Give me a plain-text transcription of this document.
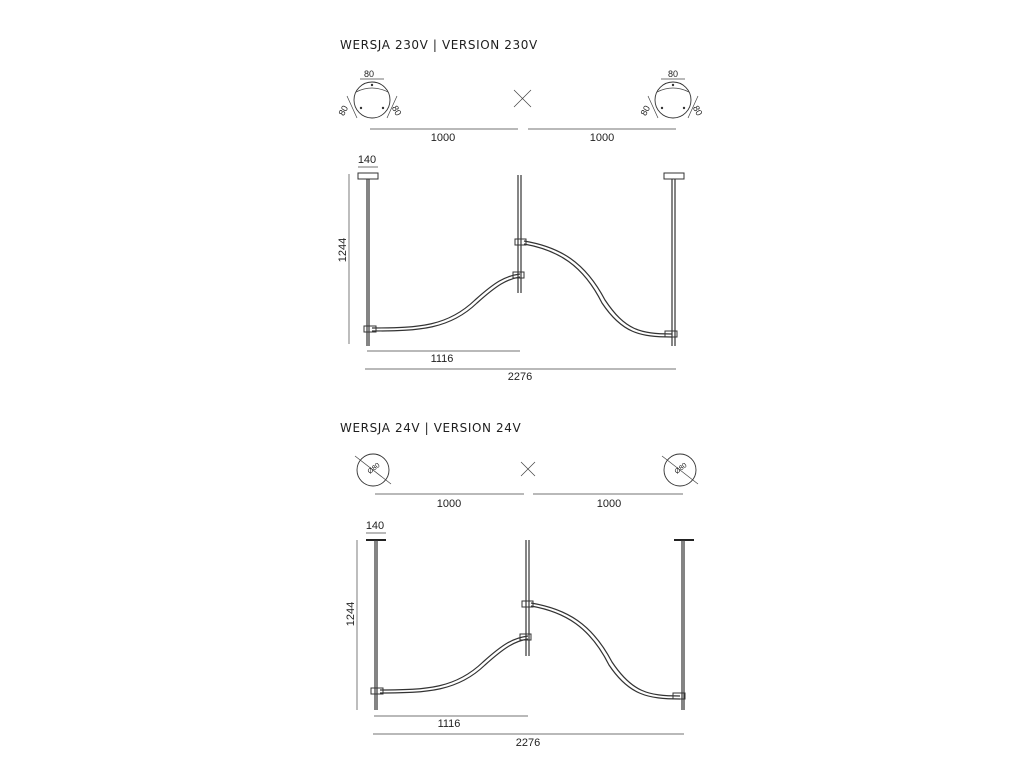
WERSJA 230V | VERSION 230V
WERSJA 24V | VERSION 24V
80
80	80
80
80	80
1000	1000
140
1244
1116
2276
Ø80	Ø80
1000	1000
140
1244
1116
2276
